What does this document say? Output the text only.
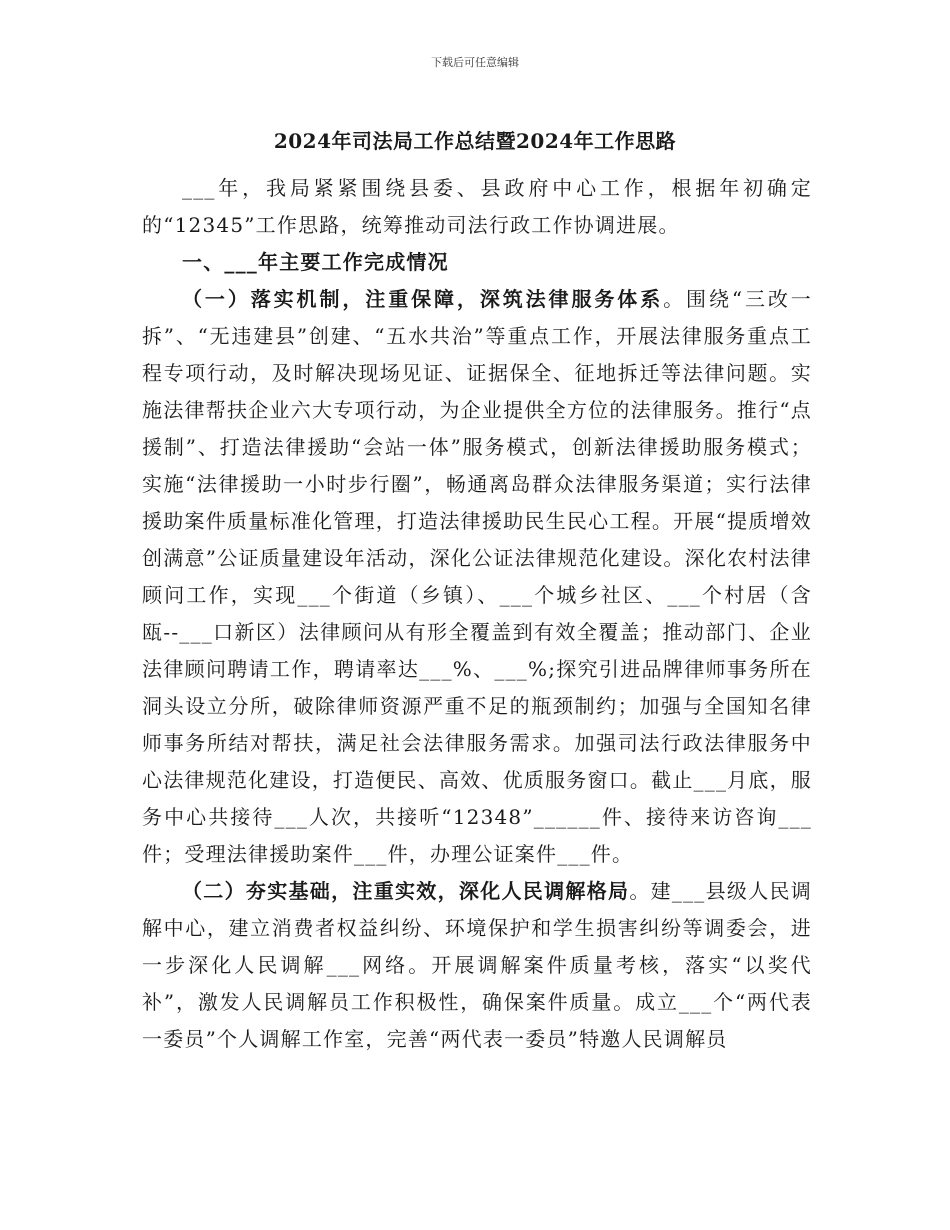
下载后可任意编辑
2024年司法局工作总结暨2024年工作思路

___年，我局紧紧围绕县委、县政府中心工作，根据年初确定的“12345”工作思路，统筹推动司法行政工作协调进展。

一、___年主要工作完成情况

（一）落实机制，注重保障，深筑法律服务体系。围绕“三改一拆”、“无违建县”创建、“五水共治”等重点工作，开展法律服务重点工程专项行动，及时解决现场见证、证据保全、征地拆迁等法律问题。实施法律帮扶企业六大专项行动，为企业提供全方位的法律服务。推行“点援制”、打造法律援助“会站一体”服务模式，创新法律援助服务模式；实施“法律援助一小时步行圈”，畅通离岛群众法律服务渠道；实行法律援助案件质量标准化管理，打造法律援助民生民心工程。开展“提质增效创满意”公证质量建设年活动，深化公证法律规范化建设。深化农村法律顾问工作，实现___个街道（乡镇）、___个城乡社区、___个村居（含瓯--___口新区）法律顾问从有形全覆盖到有效全覆盖；推动部门、企业法律顾问聘请工作，聘请率达___%、___%;探究引进品牌律师事务所在洞头设立分所，破除律师资源严重不足的瓶颈制约；加强与全国知名律师事务所结对帮扶，满足社会法律服务需求。加强司法行政法律服务中心法律规范化建设，打造便民、高效、优质服务窗口。截止___月底，服务中心共接待___人次，共接听“12348”______件、接待来访咨询___件；受理法律援助案件___件，办理公证案件___件。

（二）夯实基础，注重实效，深化人民调解格局。建___县级人民调解中心，建立消费者权益纠纷、环境保护和学生损害纠纷等调委会，进一步深化人民调解___网络。开展调解案件质量考核，落实“以奖代补”，激发人民调解员工作积极性，确保案件质量。成立___个“两代表一委员”个人调解工作室，完善“两代表一委员”特邀人民调解员
